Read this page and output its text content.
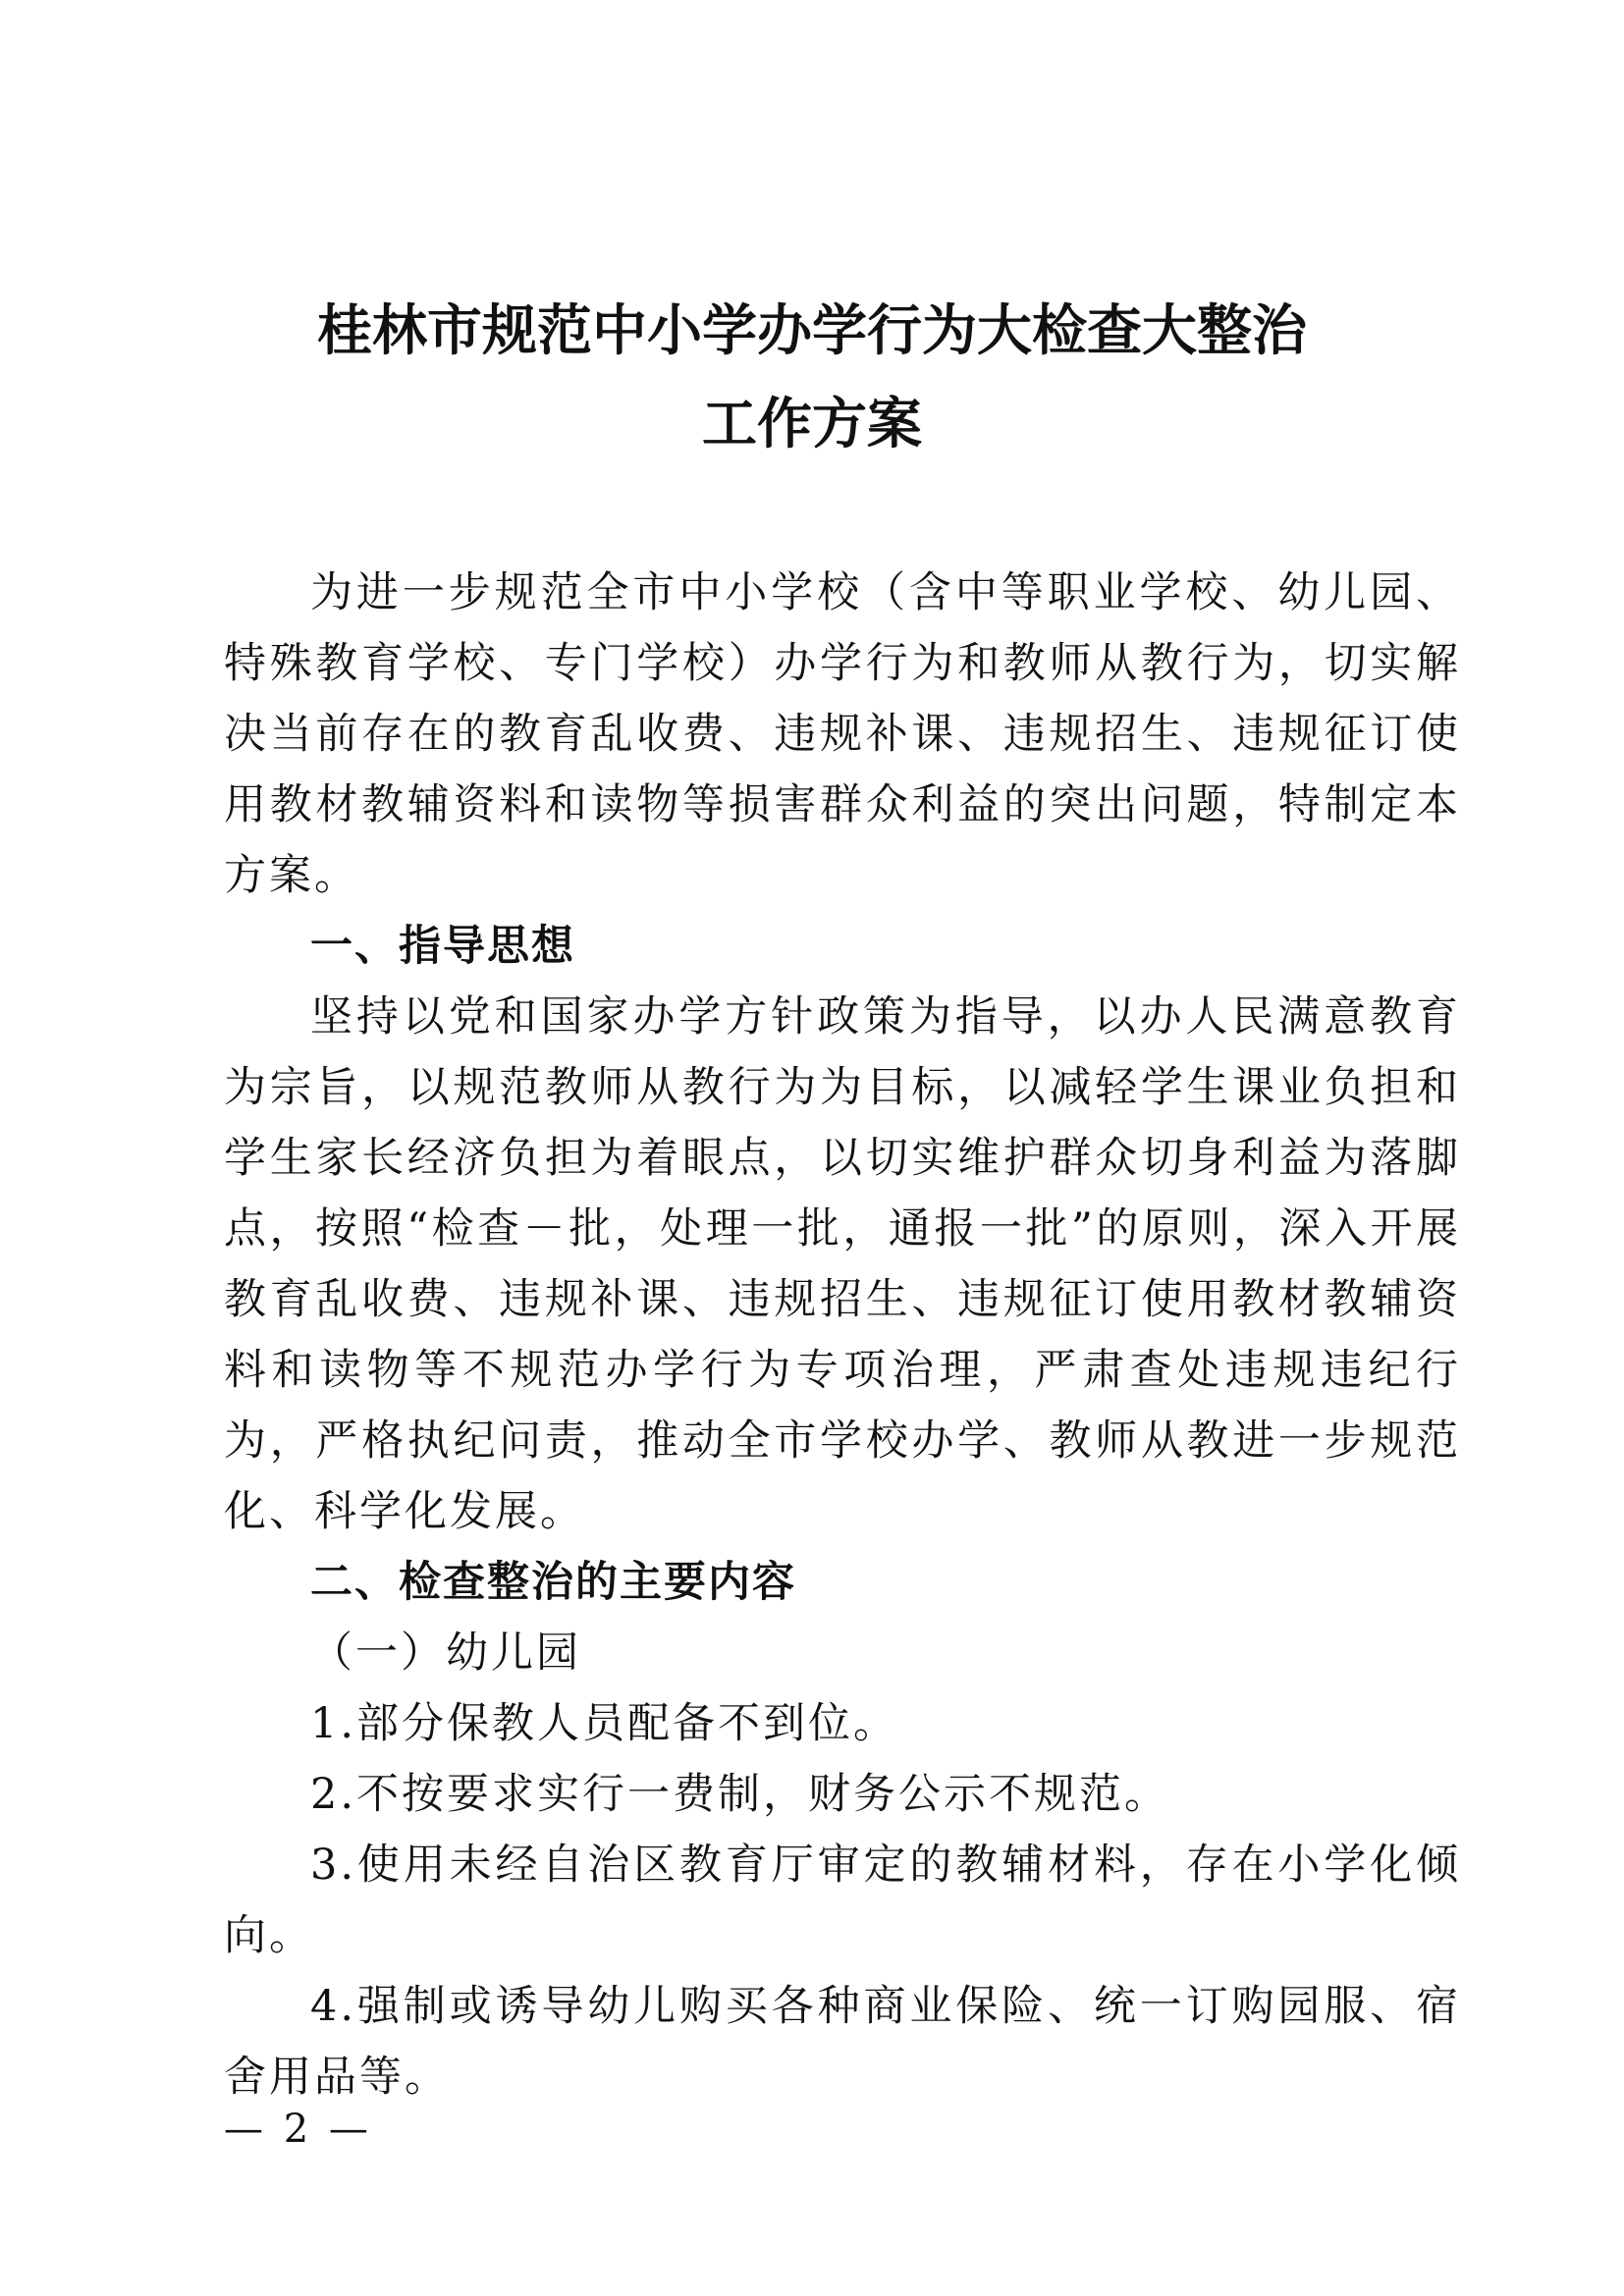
桂林市规范中小学办学行为大检查大整治
工作方案

为进一步规范全市中小学校（含中等职业学校、幼儿园、特殊教育学校、专门学校）办学行为和教师从教行为，切实解决当前存在的教育乱收费、违规补课、违规招生、违规征订使用教材教辅资料和读物等损害群众利益的突出问题，特制定本方案。

一、指导思想

坚持以党和国家办学方针政策为指导，以办人民满意教育为宗旨，以规范教师从教行为为目标，以减轻学生课业负担和学生家长经济负担为着眼点，以切实维护群众切身利益为落脚点，按照“检查－批，处理一批，通报一批”的原则，深入开展教育乱收费、违规补课、违规招生、违规征订使用教材教辅资料和读物等不规范办学行为专项治理，严肃查处违规违纪行为，严格执纪问责，推动全市学校办学、教师从教进一步规范化、科学化发展。

二、检查整治的主要内容

（一）幼儿园

1.部分保教人员配备不到位。

2.不按要求实行一费制，财务公示不规范。

3.使用未经自治区教育厅审定的教辅材料，存在小学化倾向。

4.强制或诱导幼儿购买各种商业保险、统一订购园服、宿舍用品等。

— 2 —
